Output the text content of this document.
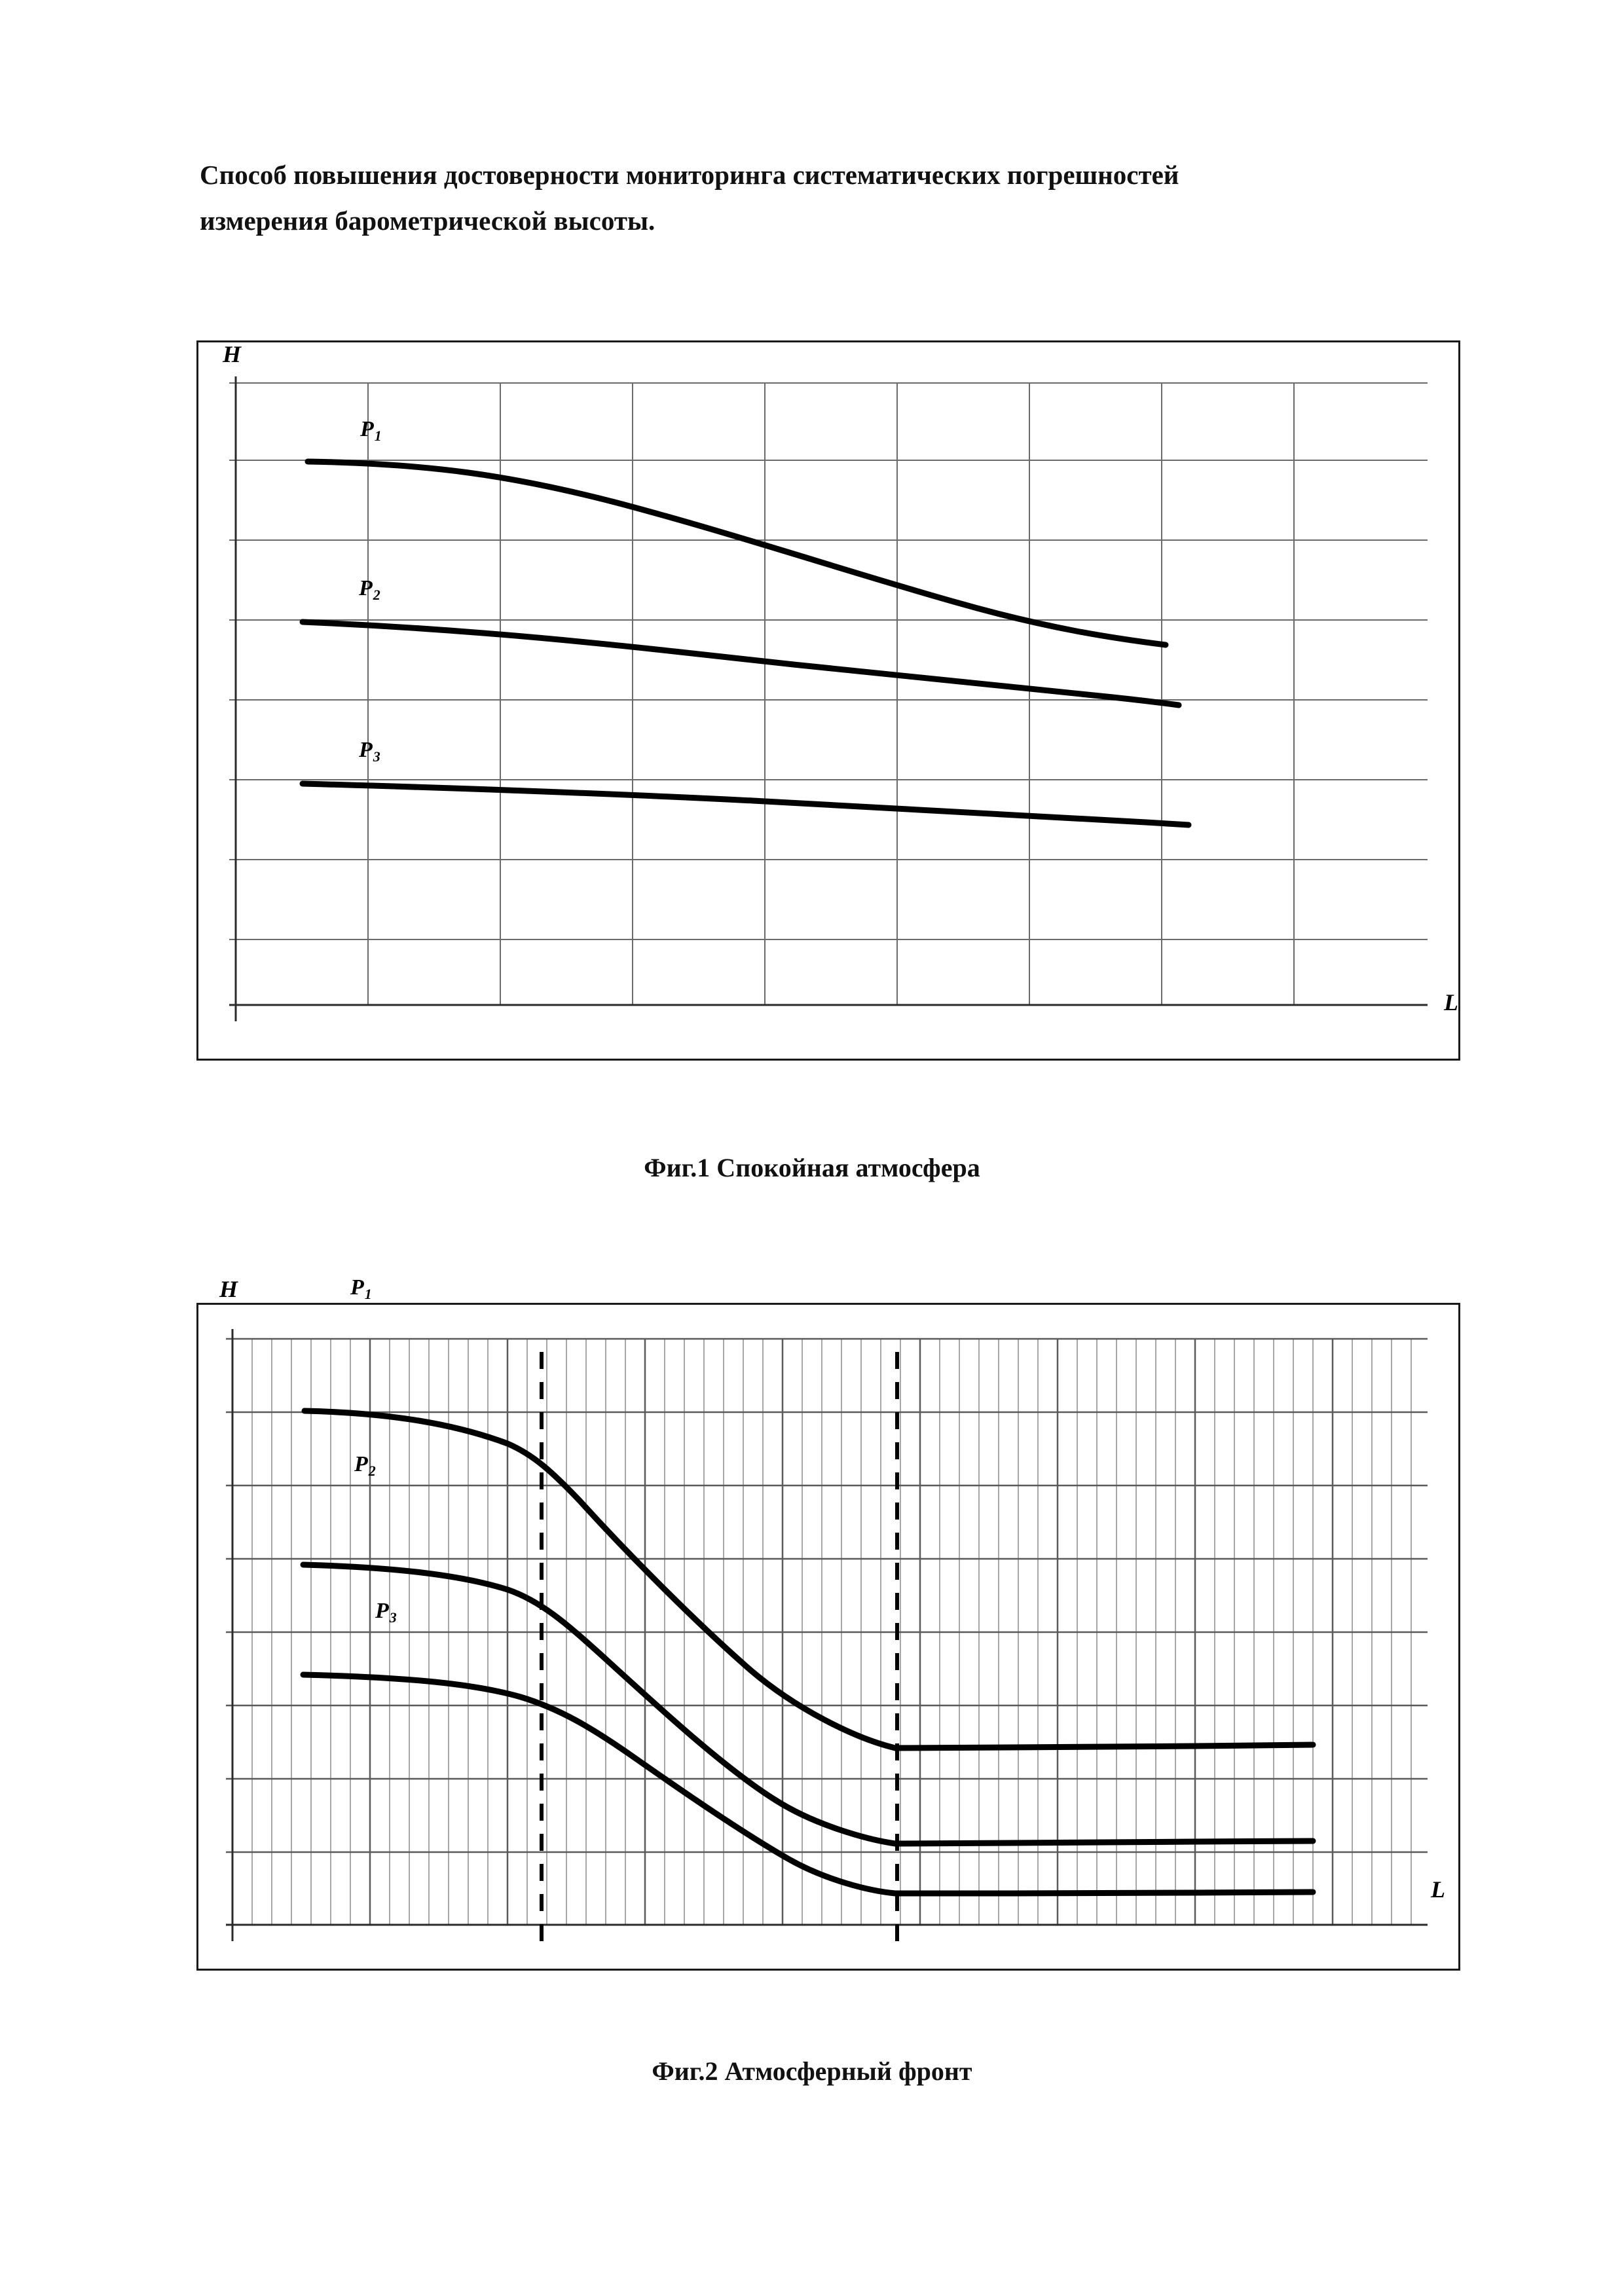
Способ повышения достоверности мониторинга систематических погрешностей
измерения барометрической высоты.
H
L
$P_1$
$P_2$
$P_3$
Фиг.1 Спокойная атмосфера
H
L
$P_1$
$P_2$
$P_3$
Фиг.2 Атмосферный фронт
